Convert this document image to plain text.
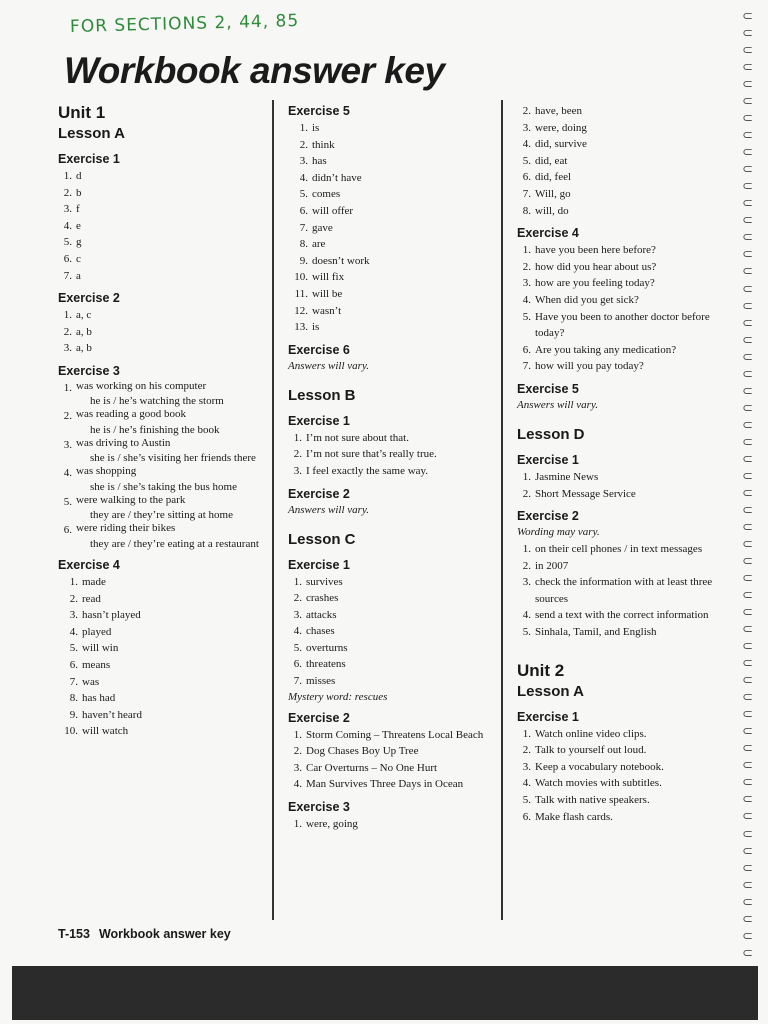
FOR SECTIONS 2, 44, 85
Workbook answer key
Unit 1
Lesson A
Exercise 1
1. d
2. b
3. f
4. e
5. g
6. c
7. a
Exercise 2
1. a, c
2. a, b
3. a, b
Exercise 3
1. was working on his computer
he is / he’s watching the storm
2. was reading a good book
he is / he’s finishing the book
3. was driving to Austin
she is / she’s visiting her friends there
4. was shopping
she is / she’s taking the bus home
5. were walking to the park
they are / they’re sitting at home
6. were riding their bikes
they are / they’re eating at a restaurant
Exercise 4
1. made
2. read
3. hasn’t played
4. played
5. will win
6. means
7. was
8. has had
9. haven’t heard
10. will watch
Exercise 5
1. is
2. think
3. has
4. didn’t have
5. comes
6. will offer
7. gave
8. are
9. doesn’t work
10. will fix
11. will be
12. wasn’t
13. is
Exercise 6
Answers will vary.
Lesson B
Exercise 1
1. I’m not sure about that.
2. I’m not sure that’s really true.
3. I feel exactly the same way.
Exercise 2
Answers will vary.
Lesson C
Exercise 1
1. survives
2. crashes
3. attacks
4. chases
5. overturns
6. threatens
7. misses
Mystery word: rescues
Exercise 2
1. Storm Coming – Threatens Local Beach
2. Dog Chases Boy Up Tree
3. Car Overturns – No One Hurt
4. Man Survives Three Days in Ocean
Exercise 3
1. were, going
2. have, been
3. were, doing
4. did, survive
5. did, eat
6. did, feel
7. Will, go
8. will, do
Exercise 4
1. have you been here before?
2. how did you hear about us?
3. how are you feeling today?
4. When did you get sick?
5. Have you been to another doctor before today?
6. Are you taking any medication?
7. how will you pay today?
Exercise 5
Answers will vary.
Lesson D
Exercise 1
1. Jasmine News
2. Short Message Service
Exercise 2
Wording may vary.
1. on their cell phones / in text messages
2. in 2007
3. check the information with at least three sources
4. send a text with the correct information
5. Sinhala, Tamil, and English
Unit 2
Lesson A
Exercise 1
1. Watch online video clips.
2. Talk to yourself out loud.
3. Keep a vocabulary notebook.
4. Watch movies with subtitles.
5. Talk with native speakers.
6. Make flash cards.
T-153 Workbook answer key
⊂
⊂
⊂
⊂
⊂
⊂
⊂
⊂
⊂
⊂
⊂
⊂
⊂
⊂
⊂
⊂
⊂
⊂
⊂
⊂
⊂
⊂
⊂
⊂
⊂
⊂
⊂
⊂
⊂
⊂
⊂
⊂
⊂
⊂
⊂
⊂
⊂
⊂
⊂
⊂
⊂
⊂
⊂
⊂
⊂
⊂
⊂
⊂
⊂
⊂
⊂
⊂
⊂
⊂
⊂
⊂
